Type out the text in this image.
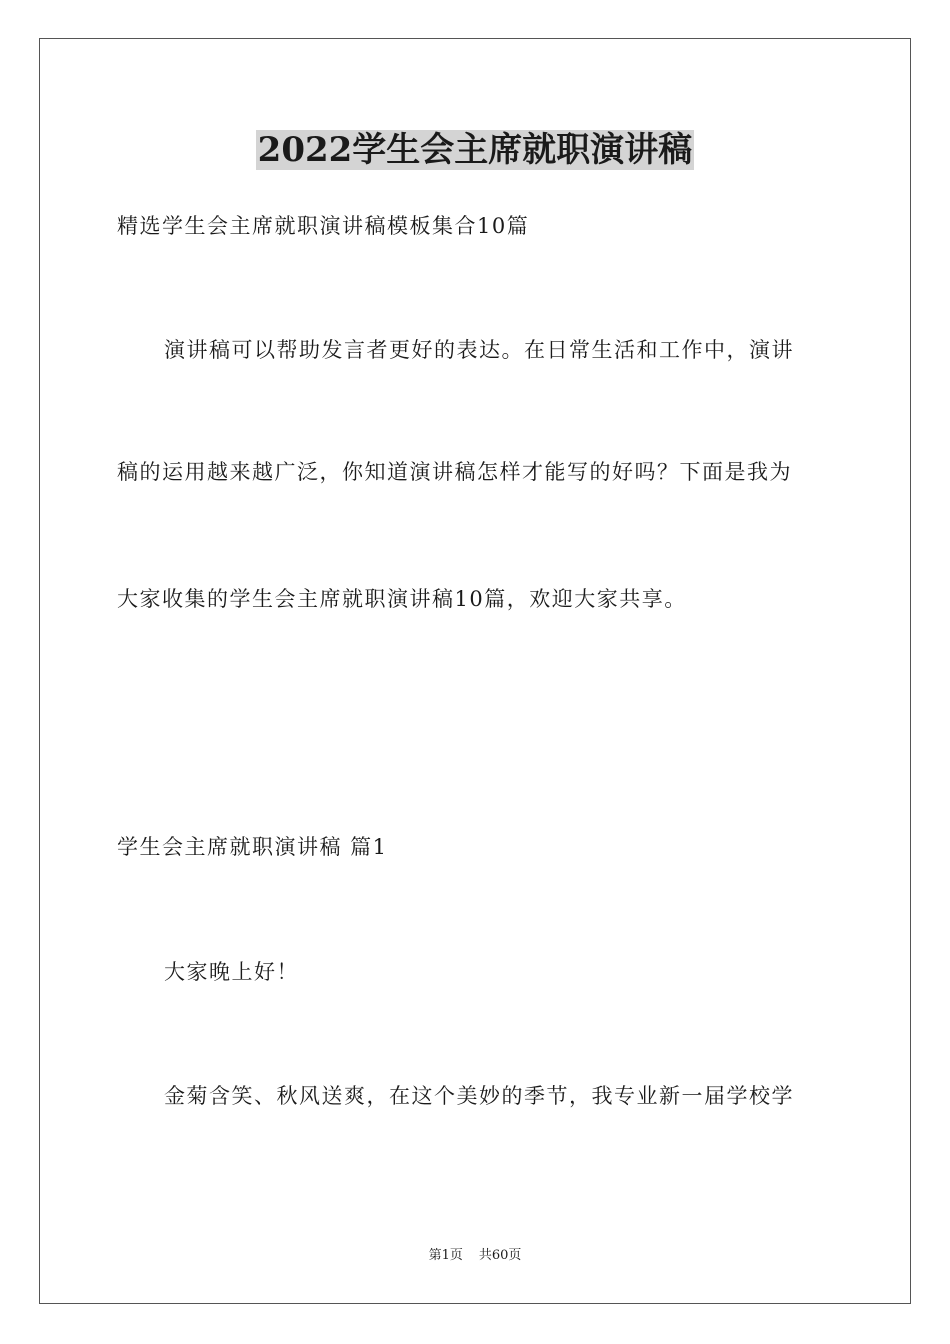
2022学生会主席就职演讲稿
精选学生会主席就职演讲稿模板集合10篇
演讲稿可以帮助发言者更好的表达。在日常生活和工作中，演讲
稿的运用越来越广泛，你知道演讲稿怎样才能写的好吗？下面是我为
大家收集的学生会主席就职演讲稿10篇，欢迎大家共享。
学生会主席就职演讲稿 篇1
大家晚上好！
金菊含笑、秋风送爽，在这个美妙的季节，我专业新一届学校学
第1页 共60页
